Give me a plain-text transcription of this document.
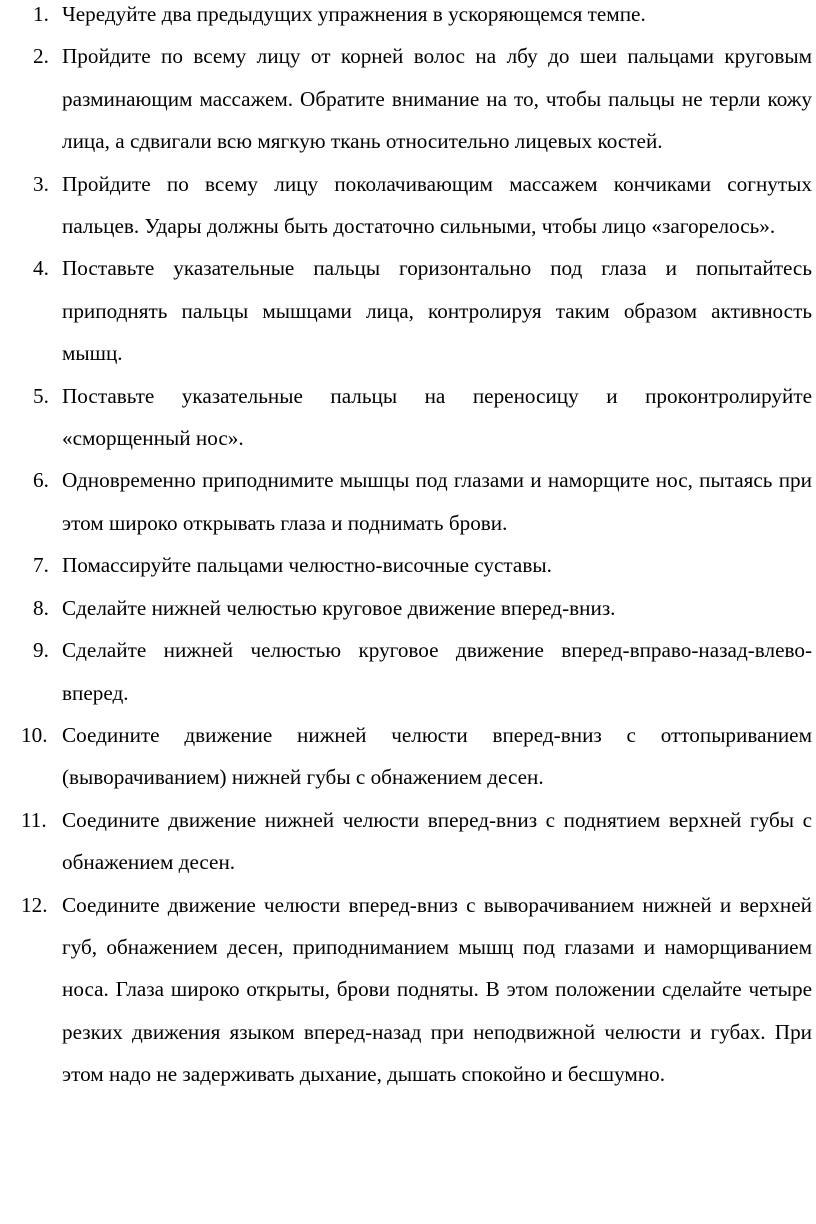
1. Чередуйте два предыдущих упражнения в ускоряющемся темпе.
2. Пройдите по всему лицу от корней волос на лбу до шеи пальцами круговым разминающим массажем. Обратите внимание на то, чтобы пальцы не терли кожу лица, а сдвигали всю мягкую ткань относительно лицевых костей.
3. Пройдите по всему лицу поколачивающим массажем кончиками согнутых пальцев. Удары должны быть достаточно сильными, чтобы лицо «загорелось».
4. Поставьте указательные пальцы горизонтально под глаза и попытайтесь приподнять пальцы мышцами лица, контролируя таким образом активность мышц.
5. Поставьте указательные пальцы на переносицу и проконтролируйте «сморщенный нос».
6. Одновременно приподнимите мышцы под глазами и наморщите нос, пытаясь при этом широко открывать глаза и поднимать брови.
7. Помассируйте пальцами челюстно-височные суставы.
8. Сделайте нижней челюстью круговое движение вперед-вниз.
9. Сделайте нижней челюстью круговое движение вперед-вправо-назад-влево-вперед.
10. Соедините движение нижней челюсти вперед-вниз с оттопыриванием (выворачиванием) нижней губы с обнажением десен.
11. Соедините движение нижней челюсти вперед-вниз с поднятием верхней губы с обнажением десен.
12. Соедините движение челюсти вперед-вниз с выворачиванием нижней и верхней губ, обнажением десен, приподниманием мышц под глазами и наморщиванием носа. Глаза широко открыты, брови подняты. В этом положении сделайте четыре резких движения языком вперед-назад при неподвижной челюсти и губах. При этом надо не задерживать дыхание, дышать спокойно и бесшумно.
